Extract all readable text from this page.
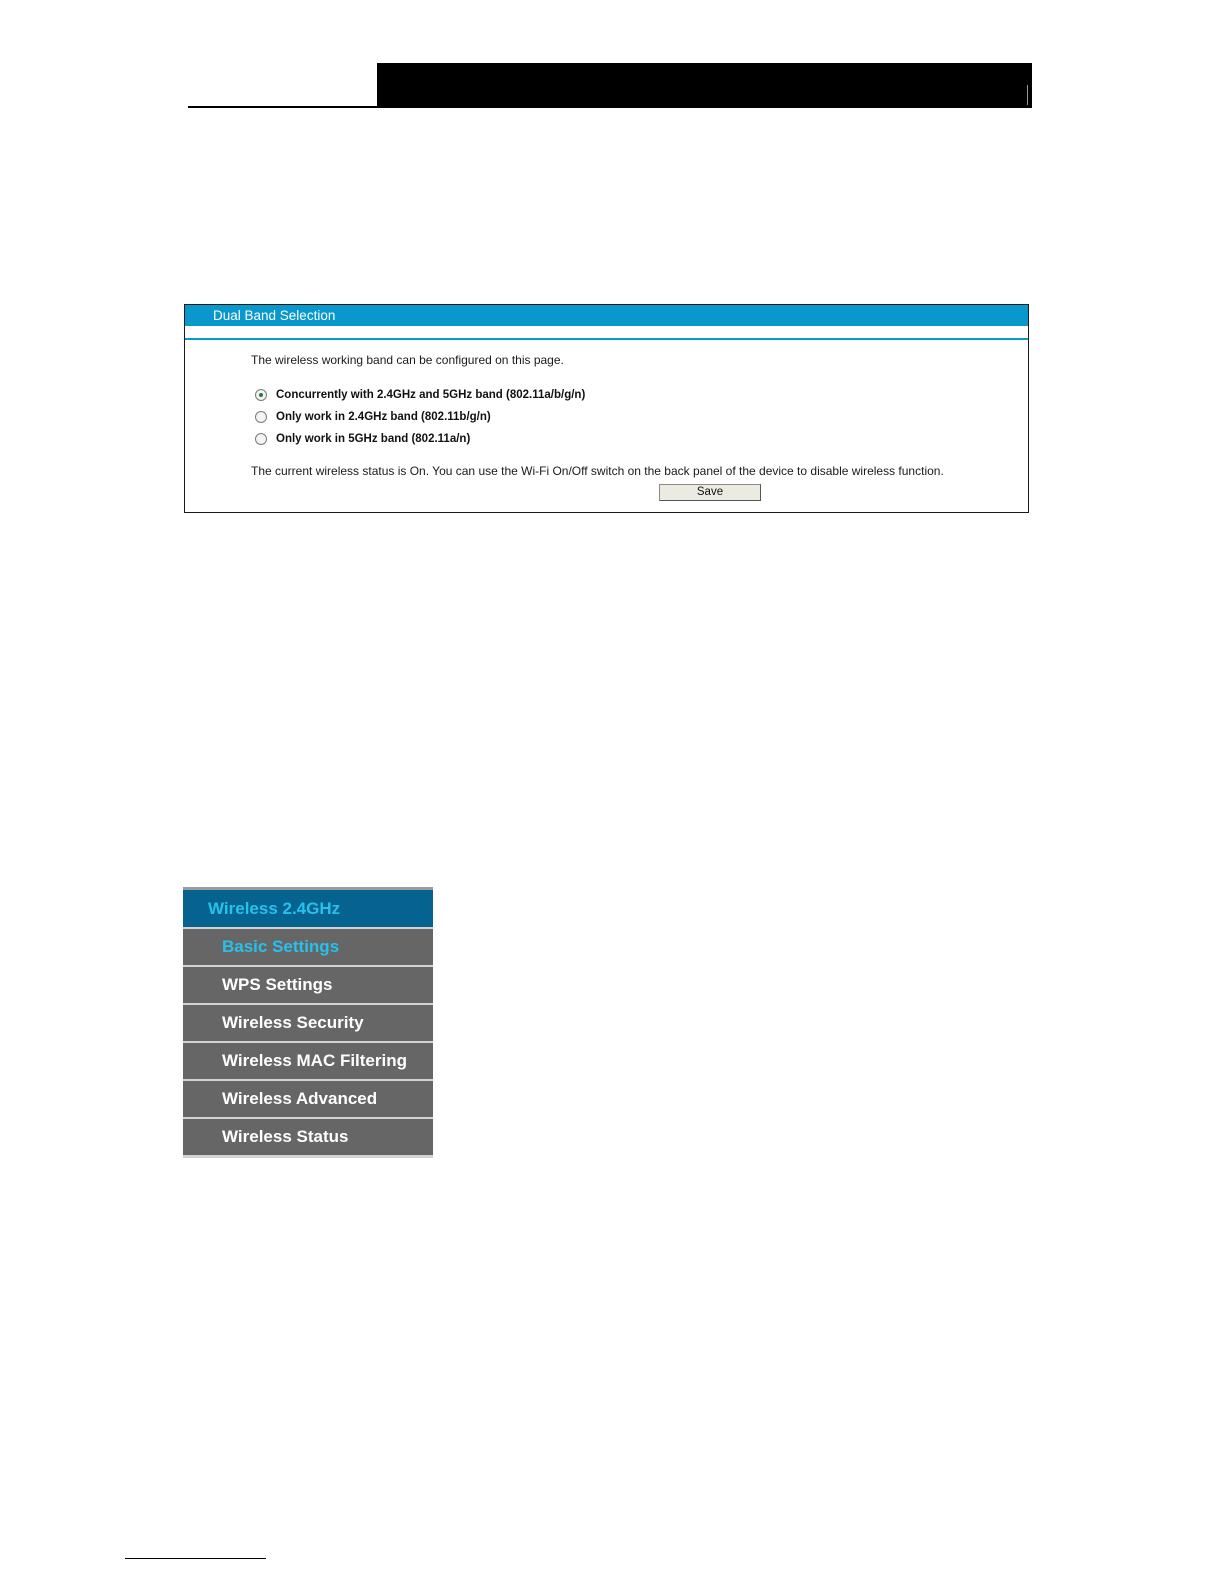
Dual Band Selection
The wireless working band can be configured on this page.
Concurrently with 2.4GHz and 5GHz band (802.11a/b/g/n)
Only work in 2.4GHz band (802.11b/g/n)
Only work in 5GHz band (802.11a/n)
The current wireless status is On. You can use the Wi-Fi On/Off switch on the back panel of the device to disable wireless function.
Save
Wireless 2.4GHz
Basic Settings
WPS Settings
Wireless Security
Wireless MAC Filtering
Wireless Advanced
Wireless Status
